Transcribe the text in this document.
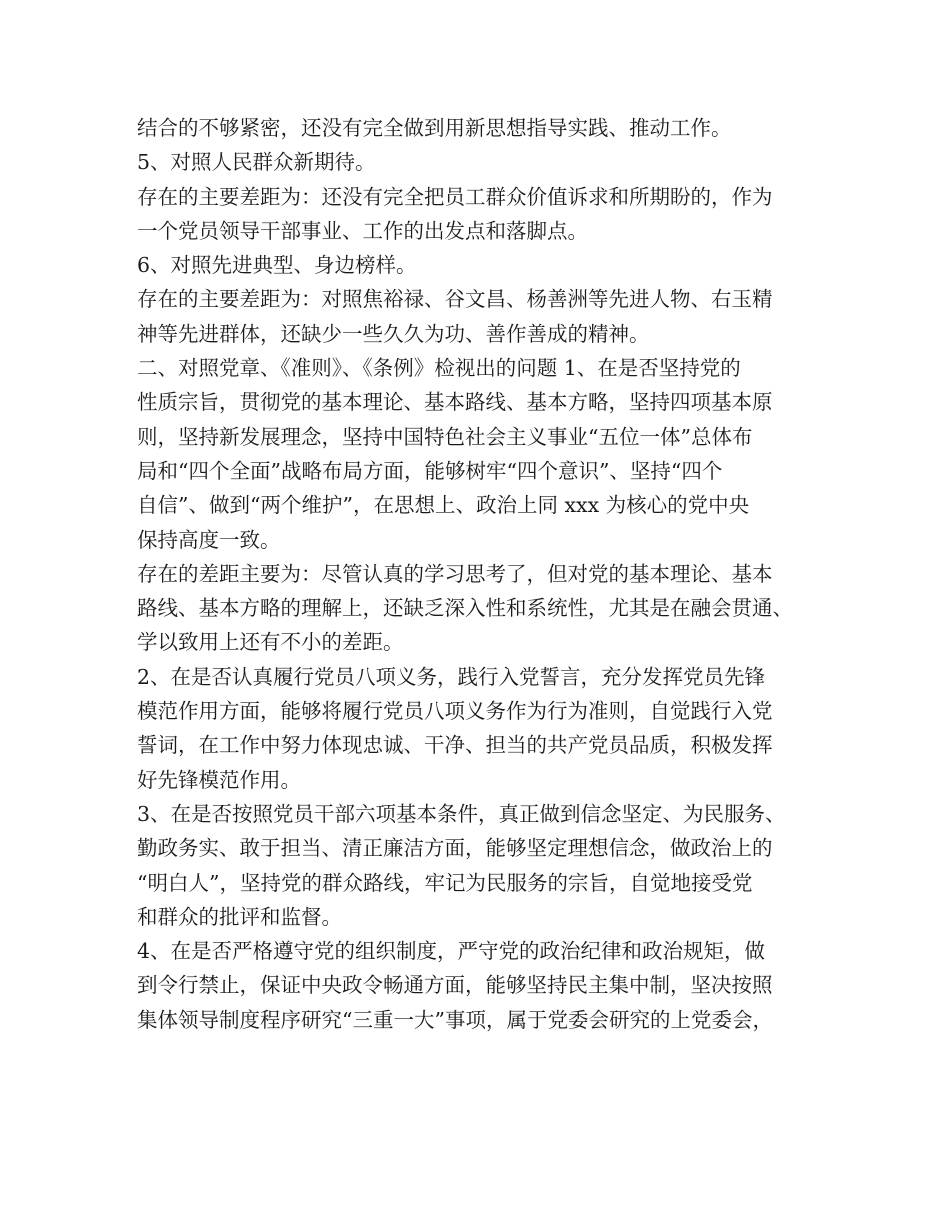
结合的不够紧密，还没有完全做到用新思想指导实践、推动工作。
5、对照人民群众新期待。
存在的主要差距为：还没有完全把员工群众价值诉求和所期盼的，作为
一个党员领导干部事业、工作的出发点和落脚点。
6、对照先进典型、身边榜样。
存在的主要差距为：对照焦裕禄、谷文昌、杨善洲等先进人物、右玉精
神等先进群体，还缺少一些久久为功、善作善成的精神。
二、对照党章、《准则》、《条例》检视出的问题 1、在是否坚持党的
性质宗旨，贯彻党的基本理论、基本路线、基本方略，坚持四项基本原
则，坚持新发展理念，坚持中国特色社会主义事业“五位一体”总体布
局和“四个全面”战略布局方面，能够树牢“四个意识”、坚持“四个
自信”、做到“两个维护”，在思想上、政治上同 xxx 为核心的党中央
保持高度一致。
存在的差距主要为：尽管认真的学习思考了，但对党的基本理论、基本
路线、基本方略的理解上，还缺乏深入性和系统性，尤其是在融会贯通、
学以致用上还有不小的差距。
2、在是否认真履行党员八项义务，践行入党誓言，充分发挥党员先锋
模范作用方面，能够将履行党员八项义务作为行为准则，自觉践行入党
誓词，在工作中努力体现忠诚、干净、担当的共产党员品质，积极发挥
好先锋模范作用。
3、在是否按照党员干部六项基本条件，真正做到信念坚定、为民服务、
勤政务实、敢于担当、清正廉洁方面，能够坚定理想信念，做政治上的
“明白人”，坚持党的群众路线，牢记为民服务的宗旨，自觉地接受党
和群众的批评和监督。
4、在是否严格遵守党的组织制度，严守党的政治纪律和政治规矩，做
到令行禁止，保证中央政令畅通方面，能够坚持民主集中制，坚决按照
集体领导制度程序研究“三重一大”事项，属于党委会研究的上党委会，
